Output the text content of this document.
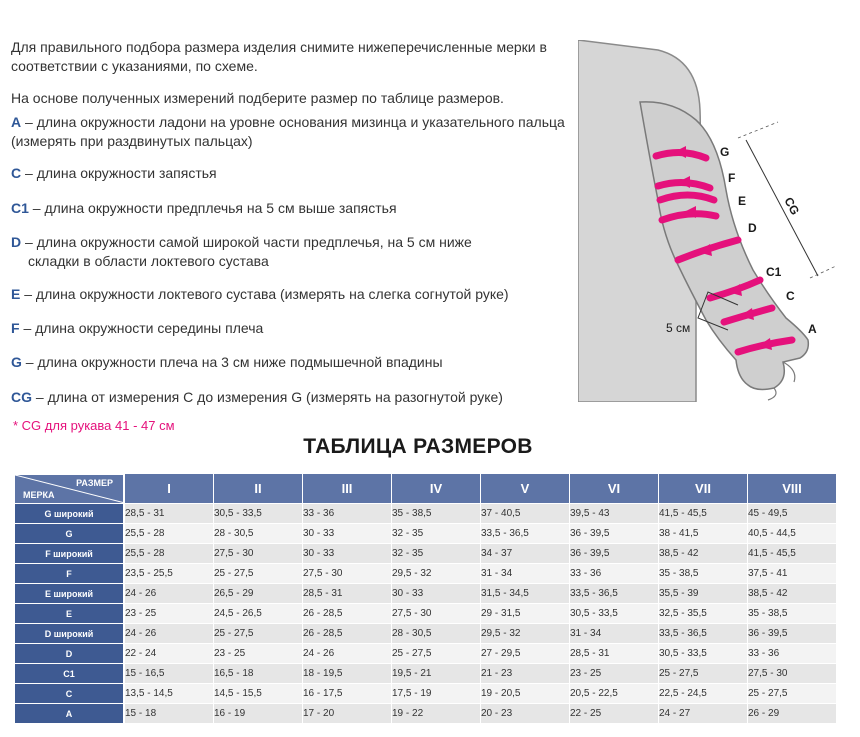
Для правильного подбора размера изделия снимите нижеперечисленные мерки в соответствии с указаниями, по схеме.
На основе полученных измерений подберите размер по таблице размеров.
A – длина окружности ладони на уровне основания мизинца и указательного пальца (измерять при раздвинутых пальцах)
C – длина окружности запястья
C1 – длина окружности предплечья на 5 см выше запястья
D – длина окружности самой широкой части предплечья, на 5 см ниже
складки в области локтевого сустава
E – длина окружности локтевого сустава (измерять на слегка согнутой руке)
F – длина окружности середины плеча
G – длина окружности плеча на 3 см ниже подмышечной впадины
CG – длина от измерения С до измерения G (измерять на разогнутой руке)
* CG для рукава 41 - 47 см
G
F
E
D
C1
C
A
CG
5 см
ТАБЛИЦА РАЗМЕРОВ
РАЗМЕР
МЕРКА	I	II	III	IV	V	VI	VII	VIII
G широкий	28,5 - 31	30,5 - 33,5	33 - 36	35 - 38,5	37 - 40,5	39,5 - 43	41,5 - 45,5	45 - 49,5
G	25,5 - 28	28 - 30,5	30 - 33	32 - 35	33,5 - 36,5	36 - 39,5	38 - 41,5	40,5 - 44,5
F широкий	25,5 - 28	27,5 - 30	30 - 33	32 - 35	34 - 37	36 - 39,5	38,5 - 42	41,5 - 45,5
F	23,5 - 25,5	25 - 27,5	27,5 - 30	29,5 - 32	31 - 34	33 - 36	35 - 38,5	37,5 - 41
E широкий	24 - 26	26,5 - 29	28,5 - 31	30 - 33	31,5 - 34,5	33,5 - 36,5	35,5 - 39	38,5 - 42
E	23 - 25	24,5 - 26,5	26 - 28,5	27,5 - 30	29 - 31,5	30,5 - 33,5	32,5 - 35,5	35 - 38,5
D широкий	24 - 26	25 - 27,5	26 - 28,5	28 - 30,5	29,5 - 32	31 - 34	33,5 - 36,5	36 - 39,5
D	22 - 24	23 - 25	24 - 26	25 - 27,5	27 - 29,5	28,5 - 31	30,5 - 33,5	33 - 36
C1	15 - 16,5	16,5 - 18	18 - 19,5	19,5 - 21	21 - 23	23 - 25	25 - 27,5	27,5 - 30
C	13,5 - 14,5	14,5 - 15,5	16 - 17,5	17,5 - 19	19 - 20,5	20,5 - 22,5	22,5 - 24,5	25 - 27,5
A	15 - 18	16 - 19	17 - 20	19 - 22	20 - 23	22 - 25	24 - 27	26 - 29
